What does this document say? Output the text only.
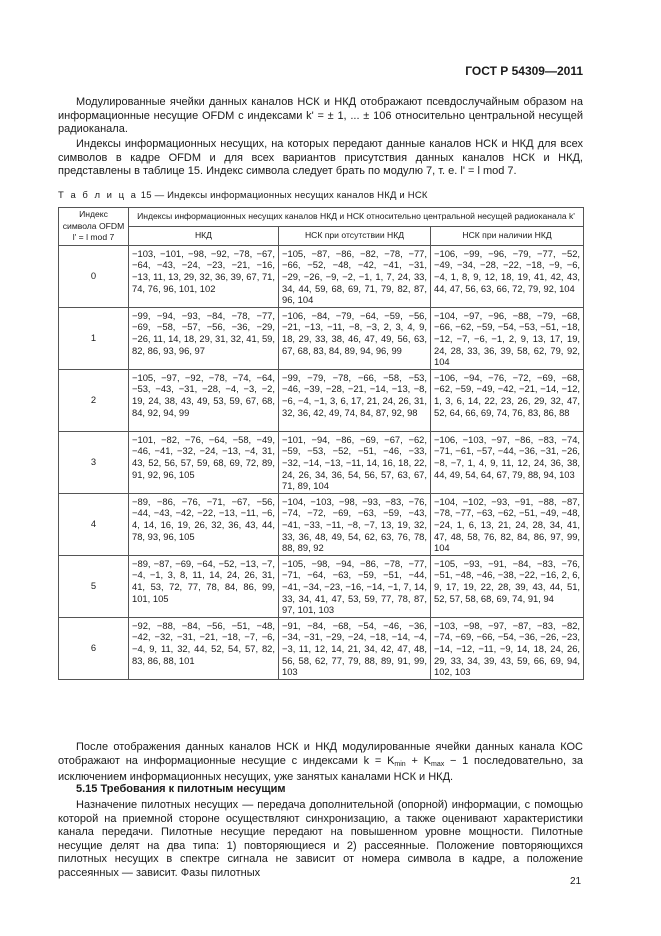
ГОСТ Р 54309—2011

Модулированные ячейки данных каналов НСК и НКД отображают псевдослучайным образом на информационные несущие OFDM с индексами k' = ± 1, ... ± 106 относительно центральной несущей радиоканала.

Индексы информационных несущих, на которых передают данные каналов НСК и НКД для всех символов в кадре OFDM и для всех вариантов присутствия данных каналов НСК и НКД, представлены в таблице 15. Индекс символа следует брать по модулю 7, т. е. l' = l mod 7.

Т а б л и ц а 15 — Индексы информационных несущих каналов НКД и НСК
Индекс символа OFDM l' = l mod 7	Индексы информационных несущих каналов НКД и НСК относительно центральной несущей радиоканала k'		
	НКД	НСК при отсутствии НКД	НСК при наличии НКД
0	−103, −101, −98, −92, −78, −67, −64, −43, −24, −23, −21, −16, −13, 11, 13, 29, 32, 36, 39, 67, 71, 74, 76, 96, 101, 102	−105, −87, −86, −82, −78, −77, −66, −52, −48, −42, −41, −31, −29, −26, −9, −2, −1, 1, 7, 24, 33, 34, 44, 59, 68, 69, 71, 79, 82, 87, 96, 104	−106, −99, −96, −79, −77, −52, −49, −34, −28, −22, −18, −9, −6, −4, 1, 8, 9, 12, 18, 19, 41, 42, 43, 44, 47, 56, 63, 66, 72, 79, 92, 104
1	−99, −94, −93, −84, −78, −77, −69, −58, −57, −56, −36, −29, −26, 11, 14, 18, 29, 31, 32, 41, 59, 82, 86, 93, 96, 97	−106, −84, −79, −64, −59, −56, −21, −13, −11, −8, −3, 2, 3, 4, 9, 18, 29, 33, 38, 46, 47, 49, 56, 63, 67, 68, 83, 84, 89, 94, 96, 99	−104, −97, −96, −88, −79, −68, −66, −62, −59, −54, −53, −51, −18, −12, −7, −6, −1, 2, 9, 13, 17, 19, 24, 28, 33, 36, 39, 58, 62, 79, 92, 104
2	−105, −97, −92, −78, −74, −64, −53, −43, −31, −28, −4, −3, −2, 19, 24, 38, 43, 49, 53, 59, 67, 68, 84, 92, 94, 99	−99, −79, −78, −66, −58, −53, −46, −39, −28, −21, −14, −13, −8, −6, −4, −1, 3, 6, 17, 21, 24, 26, 31, 32, 36, 42, 49, 74, 84, 87, 92, 98	−106, −94, −76, −72, −69, −68, −62, −59, −49, −42, −21, −14, −12, 1, 3, 6, 14, 22, 23, 26, 29, 32, 47, 52, 64, 66, 69, 74, 76, 83, 86, 88
3	−101, −82, −76, −64, −58, −49, −46, −41, −32, −24, −13, −4, 31, 43, 52, 56, 57, 59, 68, 69, 72, 89, 91, 92, 96, 105	−101, −94, −86, −69, −67, −62, −59, −53, −52, −51, −46, −33, −32, −14, −13, −11, 14, 16, 18, 22, 24, 26, 34, 36, 54, 56, 57, 63, 67, 71, 89, 104	−106, −103, −97, −86, −83, −74, −71, −61, −57, −44, −36, −31, −26, −8, −7, 1, 4, 9, 11, 12, 24, 36, 38, 44, 49, 54, 64, 67, 79, 88, 94, 103
4	−89, −86, −76, −71, −67, −56, −44, −43, −42, −22, −13, −11, −6, 4, 14, 16, 19, 26, 32, 36, 43, 44, 78, 93, 96, 105	−104, −103, −98, −93, −83, −76, −74, −72, −69, −63, −59, −43, −41, −33, −11, −8, −7, 13, 19, 32, 33, 36, 48, 49, 54, 62, 63, 76, 78, 88, 89, 92	−104, −102, −93, −91, −88, −87, −78, −77, −63, −62, −51, −49, −48, −24, 1, 6, 13, 21, 24, 28, 34, 41, 47, 48, 58, 76, 82, 84, 86, 97, 99, 104
5	−89, −87, −69, −64, −52, −13, −7, −4, −1, 3, 8, 11, 14, 24, 26, 31, 41, 53, 72, 77, 78, 84, 86, 99, 101, 105	−105, −98, −94, −86, −78, −77, −71, −64, −63, −59, −51, −44, −41, −34, −23, −16, −14, −1, 7, 14, 33, 34, 41, 47, 53, 59, 77, 78, 87, 97, 101, 103	−105, −93, −91, −84, −83, −76, −51, −48, −46, −38, −22, −16, 2, 6, 9, 17, 19, 22, 28, 39, 43, 44, 51, 52, 57, 58, 68, 69, 74, 91, 94
6	−92, −88, −84, −56, −51, −48, −42, −32, −31, −21, −18, −7, −6, −4, 9, 11, 32, 44, 52, 54, 57, 82, 83, 86, 88, 101	−91, −84, −68, −54, −46, −36, −34, −31, −29, −24, −18, −14, −4, −3, 11, 12, 14, 21, 34, 42, 47, 48, 56, 58, 62, 77, 79, 88, 89, 91, 99, 103	−103, −98, −97, −87, −83, −82, −74, −69, −66, −54, −36, −26, −23, −14, −12, −11, −9, 14, 18, 24, 26, 29, 33, 34, 39, 43, 59, 66, 69, 94, 102, 103

После отображения данных каналов НСК и НКД модулированные ячейки данных канала КОС отображают на информационные несущие с индексами $k = K_{min} + K_{max} - 1$ последовательно, за исключением информационных несущих, уже занятых каналами НСК и НКД.

5.15 Требования к пилотным несущим

Назначение пилотных несущих — передача дополнительной (опорной) информации, с помощью которой на приемной стороне осуществляют синхронизацию, а также оценивают характеристики канала передачи. Пилотные несущие передают на повышенном уровне мощности. Пилотные несущие делят на два типа: 1) повторяющиеся и 2) рассеянные. Положение повторяющихся пилотных несущих в спектре сигнала не зависит от номера символа в кадре, а положение рассеянных — зависит. Фазы пилотных

21
